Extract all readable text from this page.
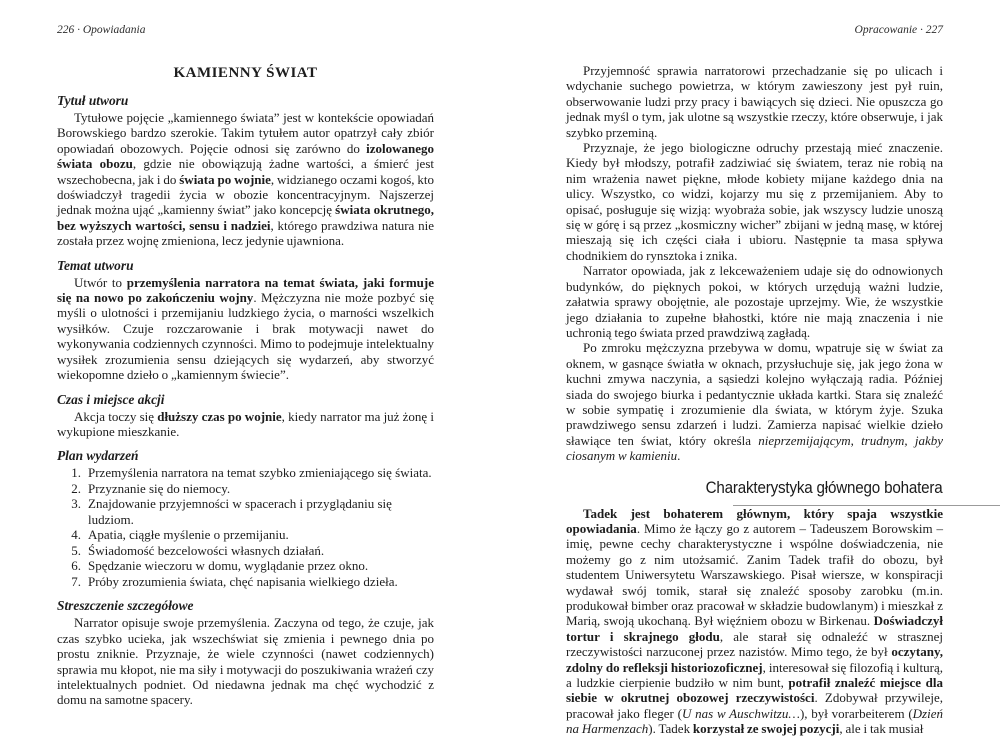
226 · Opowiadania
KAMIENNY ŚWIAT
Tytuł utworu

Tytułowe pojęcie „kamiennego świata” jest w kontekście opowiadań Borowskiego bardzo szerokie. Takim tytułem autor opatrzył cały zbiór opowiadań obozowych. Pojęcie odnosi się zarówno do izolowanego świata obozu, gdzie nie obowiązują żadne wartości, a śmierć jest wszechobecna, jak i do świata po wojnie, widzianego oczami kogoś, kto doświadczył tragedii życia w obozie koncentracyjnym. Najszerzej jednak można ująć „kamienny świat” jako koncepcję świata okrutnego, bez wyższych wartości, sensu i nadziei, którego prawdziwa natura nie została przez wojnę zmieniona, lecz jedynie ujawniona.

Temat utworu

Utwór to przemyślenia narratora na temat świata, jaki formuje się na nowo po zakończeniu wojny. Mężczyzna nie może pozbyć się myśli o ulotności i przemijaniu ludzkiego życia, o marności wszelkich wysiłków. Czuje rozczarowanie i brak motywacji nawet do wykonywania codziennych czynności. Mimo to podejmuje intelektualny wysiłek zrozumienia sensu dziejących się wydarzeń, aby stworzyć wiekopomne dzieło o „kamiennym świecie”.

Czas i miejsce akcji

Akcja toczy się dłuższy czas po wojnie, kiedy narrator ma już żonę i wykupione mieszkanie.

Plan wydarzeń
1. Przemyślenia narratora na temat szybko zmieniającego się świata.
2. Przyznanie się do niemocy.
3. Znajdowanie przyjemności w spacerach i przyglądaniu się ludziom.
4. Apatia, ciągłe myślenie o przemijaniu.
5. Świadomość bezcelowości własnych działań.
6. Spędzanie wieczoru w domu, wyglądanie przez okno.
7. Próby zrozumienia świata, chęć napisania wielkiego dzieła.
Streszczenie szczegółowe

Narrator opisuje swoje przemyślenia. Zaczyna od tego, że czuje, jak czas szybko ucieka, jak wszechświat się zmienia i pewnego dnia po prostu zniknie. Przyznaje, że wiele czynności (nawet codziennych) sprawia mu kłopot, nie ma siły i motywacji do poszukiwania wrażeń czy intelektualnych podniet. Od niedawna jednak ma chęć wychodzić z domu na samotne spacery.

Opracowanie · 227

Przyjemność sprawia narratorowi przechadzanie się po ulicach i wdychanie suchego powietrza, w którym zawieszony jest pył ruin, obserwowanie ludzi przy pracy i bawiących się dzieci. Nie opuszcza go jednak myśl o tym, jak ulotne są wszystkie rzeczy, które obserwuje, i jak szybko przeminą.

Przyznaje, że jego biologiczne odruchy przestają mieć znaczenie. Kiedy był młodszy, potrafił zadziwiać się światem, teraz nie robią na nim wrażenia nawet piękne, młode kobiety mijane każdego dnia na ulicy. Wszystko, co widzi, kojarzy mu się z przemijaniem. Aby to opisać, posługuje się wizją: wyobraża sobie, jak wszyscy ludzie unoszą się w górę i są przez „kosmiczny wicher” zbijani w jedną masę, w której mieszają się ich części ciała i ubioru. Następnie ta masa spływa chodnikiem do rynsztoka i znika.

Narrator opowiada, jak z lekceważeniem udaje się do odnowionych budynków, do pięknych pokoi, w których urzędują ważni ludzie, załatwia sprawy obojętnie, ale pozostaje uprzejmy. Wie, że wszystkie jego działania to zupełne błahostki, które nie mają znaczenia i nie uchronią tego świata przed prawdziwą zagładą.

Po zmroku mężczyzna przebywa w domu, wpatruje się w świat za oknem, w gasnące światła w oknach, przysłuchuje się, jak jego żona w kuchni zmywa naczynia, a sąsiedzi kolejno wyłączają radia. Później siada do swojego biurka i pedantycznie układa kartki. Stara się znaleźć w sobie sympatię i zrozumienie dla świata, w którym żyje. Szuka prawdziwego sensu zdarzeń i ludzi. Zamierza napisać wielkie dzieło sławiące ten świat, który określa nieprzemijającym, trudnym, jakby ciosanym w kamieniu.

Charakterystyka głównego bohatera

Tadek jest bohaterem głównym, który spaja wszystkie opowiadania. Mimo że łączy go z autorem – Tadeuszem Borowskim – imię, pewne cechy charakterystyczne i wspólne doświadczenia, nie możemy go z nim utożsamić. Zanim Tadek trafił do obozu, był studentem Uniwersytetu Warszawskiego. Pisał wiersze, w konspiracji wydawał swój tomik, starał się znaleźć sposoby zarobku (m.in. produkował bimber oraz pracował w składzie budowlanym) i mieszkał z Marią, swoją ukochaną. Był więźniem obozu w Birkenau. Doświadczył tortur i skrajnego głodu, ale starał się odnaleźć w strasznej rzeczywistości narzuconej przez nazistów. Mimo tego, że był oczytany, zdolny do refleksji historiozoficznej, interesował się filozofią i kulturą, a ludzkie cierpienie budziło w nim bunt, potrafił znaleźć miejsce dla siebie w okrutnej obozowej rzeczywistości. Zdobywał przywileje, pracował jako fleger (U nas w Auschwitzu…), był vorarbeiterem (Dzień na Harmenzach). Tadek korzystał ze swojej pozycji, ale i tak musiał
